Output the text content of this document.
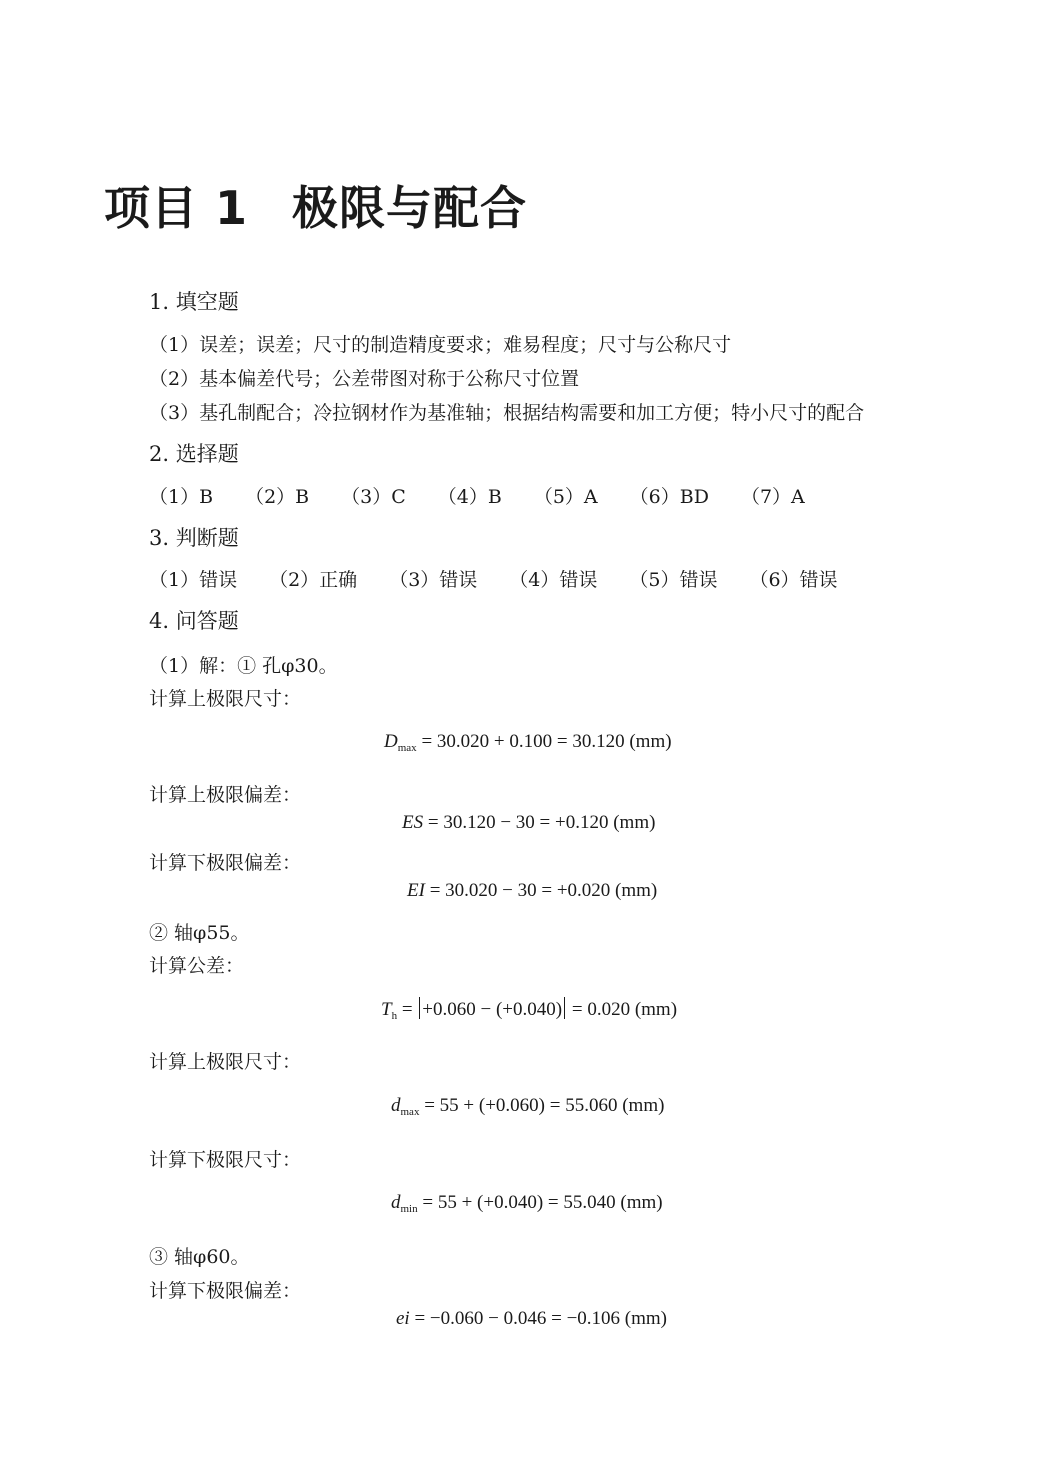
项目 1 极限与配合
1. 填空题
（1）误差；误差；尺寸的制造精度要求；难易程度；尺寸与公称尺寸
（2）基本偏差代号；公差带图对称于公称尺寸位置
（3）基孔制配合；冷拉钢材作为基准轴；根据结构需要和加工方便；特小尺寸的配合
2. 选择题
（1）B （2）B （3）C （4）B （5）A （6）BD （7）A
3. 判断题
（1）错误 （2）正确 （3）错误 （4）错误 （5）错误 （6）错误
4. 问答题
（1）解：① 孔φ30。
计算上极限尺寸：
$D_{max} = 30.020 + 0.100 = 30.120$ (mm)
计算上极限偏差：
ES = 30.120 − 30 = +0.120 (mm)
计算下极限偏差：
EI = 30.020 − 30 = +0.020 (mm)
② 轴φ55。
计算公差：
$T_h = +0.060 - (+0.040) = 0.020$ (mm)
计算上极限尺寸：
$d_{max} = 55 + (+0.060) = 55.060$ (mm)
计算下极限尺寸：
$d_{min} = 55 + (+0.040) = 55.040$ (mm)
③ 轴φ60。
计算下极限偏差：
ei = −0.060 − 0.046 = −0.106 (mm)
